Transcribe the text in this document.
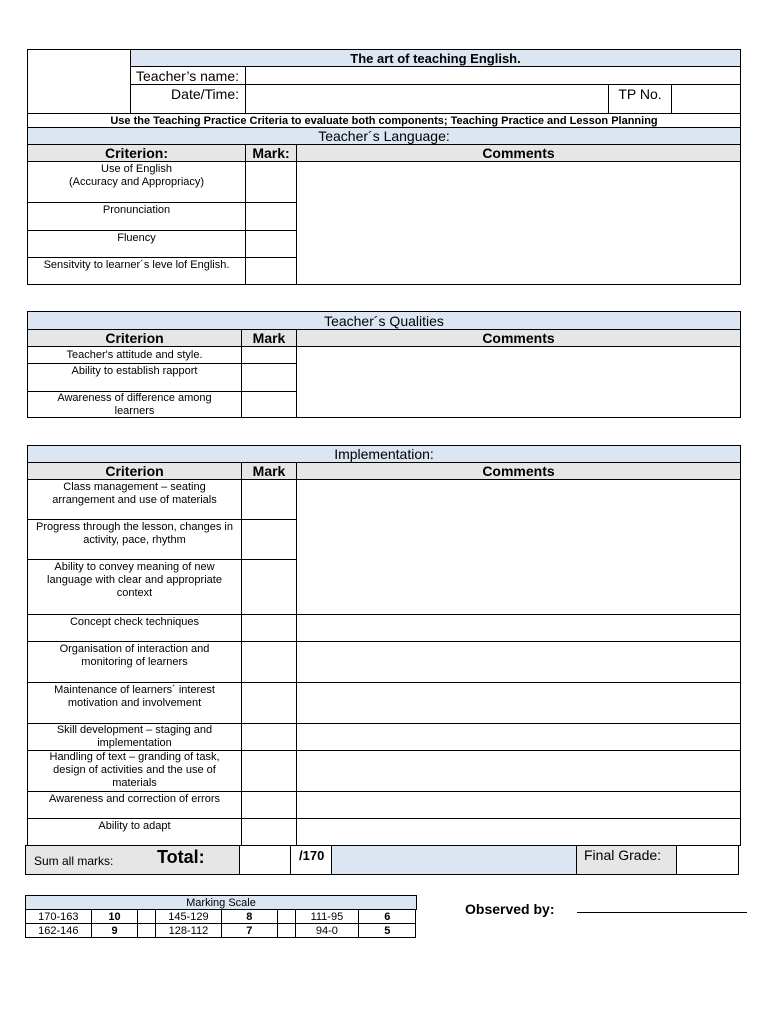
The art of teaching English.
Teacher’s name:
Date/Time:	TP No.
Use the Teaching Practice Criteria to evaluate both components; Teaching Practice and Lesson Planning
Teacher´s Language:
Criterion:	Mark:	Comments
Use of English
(Accuracy and Appropriacy)
Pronunciation
Fluency
Sensitvity to learner´s leve lof English.
Teacher´s Qualities
Criterion	Mark	Comments
Teacher's attitude and style.
Ability to establish rapport
Awareness of difference among learners
Implementation:
Criterion	Mark	Comments
Class management – seating arrangement and use of materials
Progress through the lesson, changes in activity, pace, rhythm
Ability to convey meaning of new language with clear and appropriate context
Concept check techniques
Organisation of interaction and monitoring of learners
Maintenance of learners´ interest motivation and involvement
Skill development – staging and implementation
Handling of text – granding of task, design of activities and the use of materials
Awareness and correction of errors
Ability to adapt
Sum all marks: Total:	/170	Final Grade:
Marking Scale								
170-163	10		145-129	8		111-95	6	
162-146	9		128-112	7		94-0	5	
Observed by:
